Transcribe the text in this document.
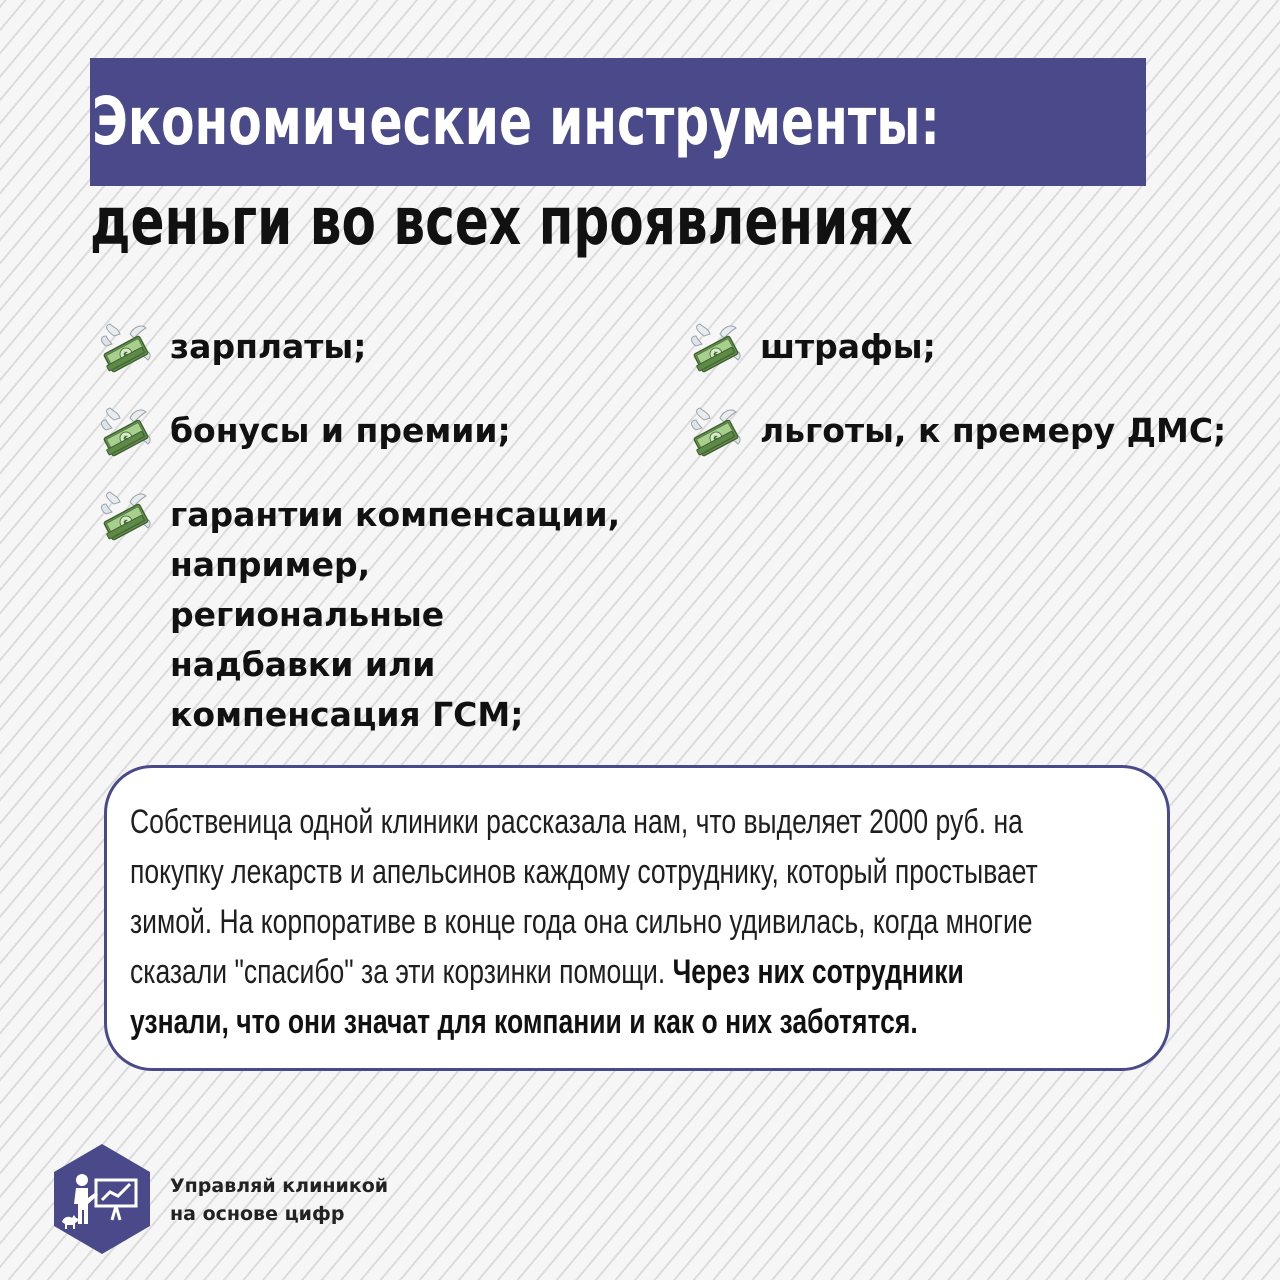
Экономические инструменты:
деньги во всех проявлениях
зарплаты;
бонусы и премии;
гарантии компенсации,
например,
региональные
надбавки или
компенсация ГСМ;
штрафы;
льготы, к премеру ДМС;
Собственица одной клиники рассказала нам, что выделяет 2000 руб. на
покупку лекарств и апельсинов каждому сотруднику, который простывает
зимой. На корпоративе в конце года она сильно удивилась, когда многие
сказали "спасибо" за эти корзинки помощи. Через них сотрудники
узнали, что они значат для компании и как о них заботятся.
Управляй клиникой
на основе цифр
